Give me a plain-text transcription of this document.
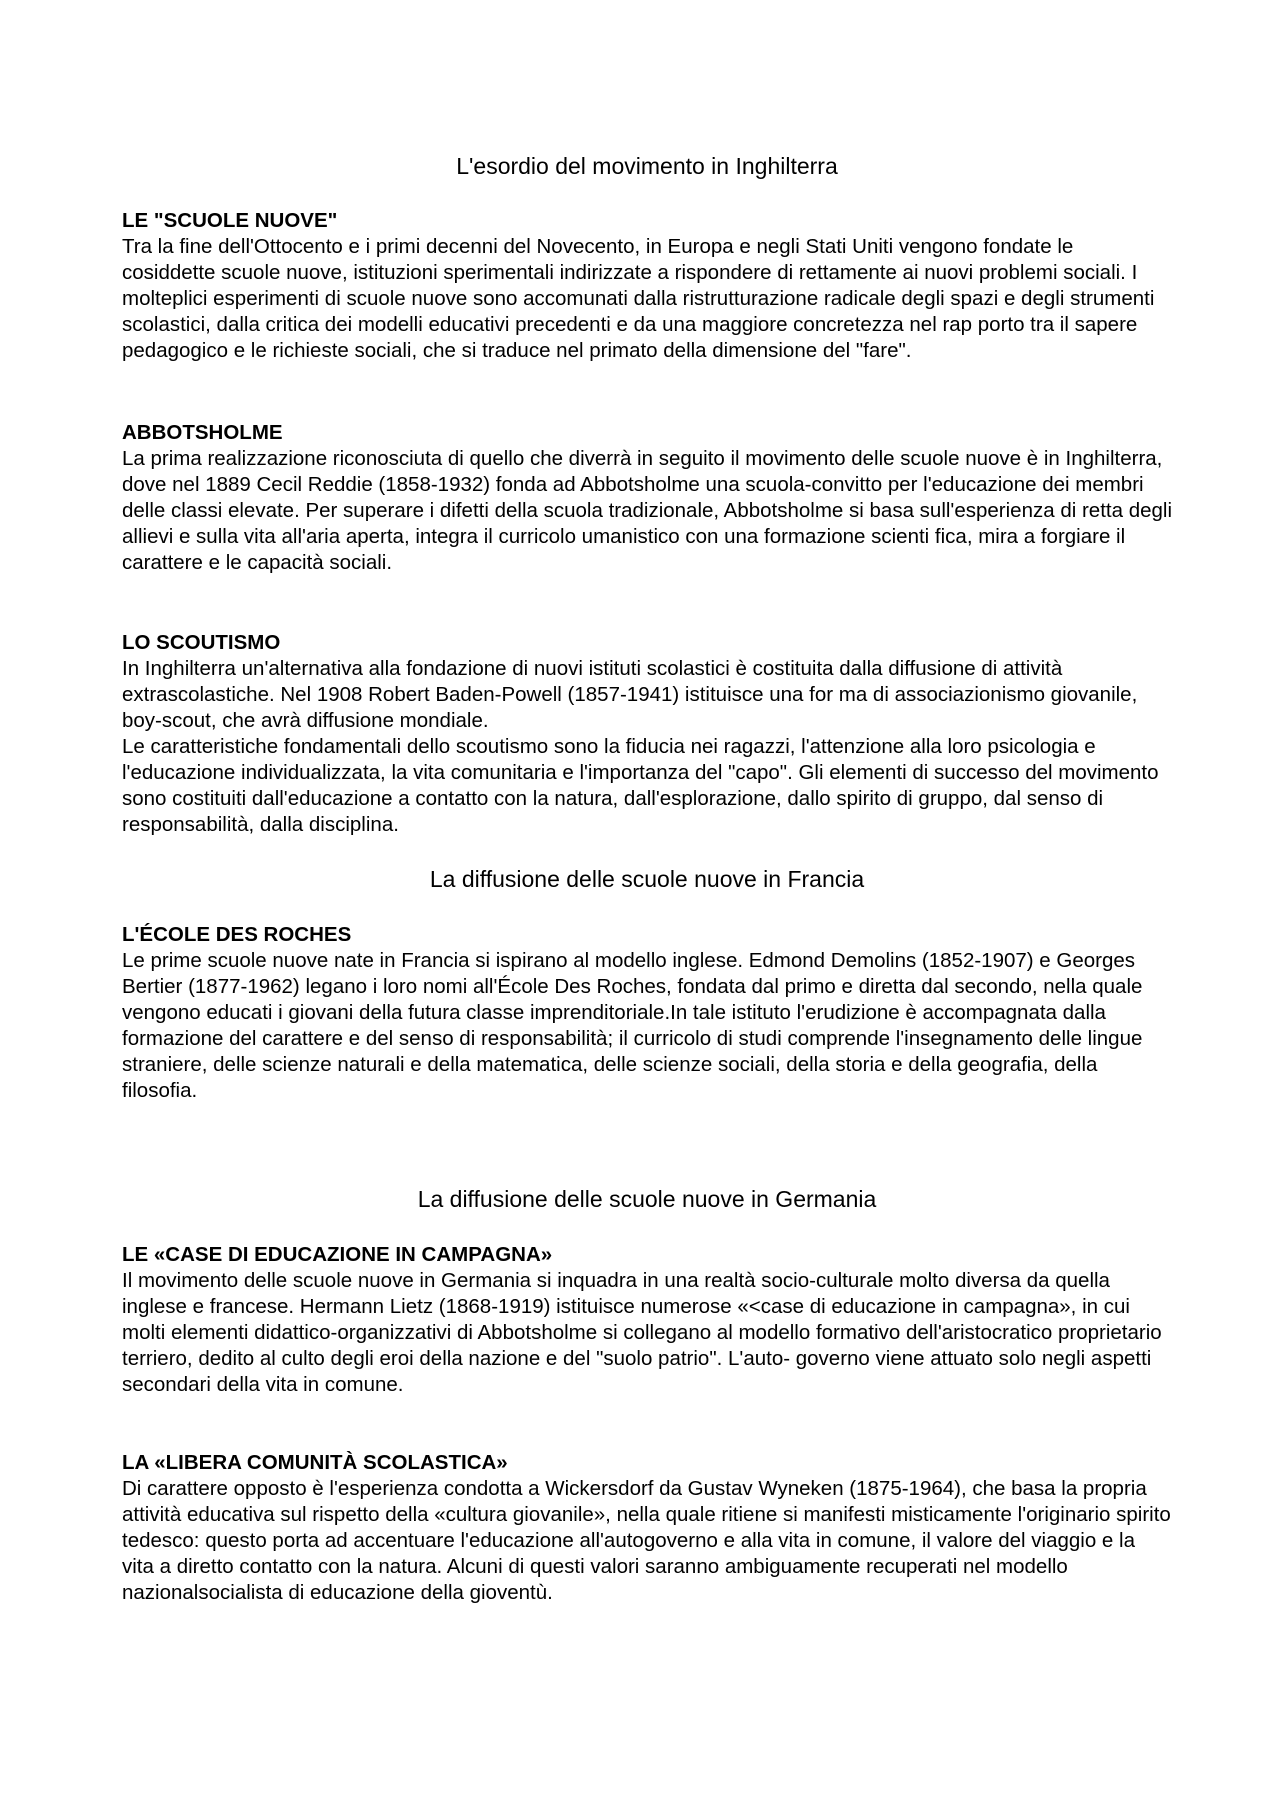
L'esordio del movimento in Inghilterra
LE "SCUOLE NUOVE"

Tra la fine dell'Ottocento e i primi decenni del Novecento, in Europa e negli Stati Uniti vengono fondate le cosiddette scuole nuove, istituzioni sperimentali indirizzate a rispondere di rettamente ai nuovi problemi sociali. I molteplici esperimenti di scuole nuove sono accomunati dalla ristrutturazione radicale degli spazi e degli strumenti scolastici, dalla critica dei modelli educativi precedenti e da una maggiore concretezza nel rap porto tra il sapere pedagogico e le richieste sociali, che si traduce nel primato della dimensione del "fare".

ABBOTSHOLME

La prima realizzazione riconosciuta di quello che diverrà in seguito il movimento delle scuole nuove è in Inghilterra, dove nel 1889 Cecil Reddie (1858-1932) fonda ad Abbotsholme una scuola-convitto per l'educazione dei membri delle classi elevate. Per superare i difetti della scuola tradizionale, Abbotsholme si basa sull'esperienza di retta degli allievi e sulla vita all'aria aperta, integra il curricolo umanistico con una formazione scienti fica, mira a forgiare il carattere e le capacità sociali.

LO SCOUTISMO

In Inghilterra un'alternativa alla fondazione di nuovi istituti scolastici è costituita dalla diffusione di attività extrascolastiche. Nel 1908 Robert Baden-Powell (1857-1941) istituisce una for ma di associazionismo giovanile, boy-scout, che avrà diffusione mondiale.

Le caratteristiche fondamentali dello scoutismo sono la fiducia nei ragazzi, l'attenzione alla loro psicologia e l'educazione individualizzata, la vita comunitaria e l'importanza del "capo". Gli elementi di successo del movimento sono costituiti dall'educazione a contatto con la natura, dall'esplorazione, dallo spirito di gruppo, dal senso di responsabilità, dalla disciplina.

La diffusione delle scuole nuove in Francia
L'ÉCOLE DES ROCHES

Le prime scuole nuove nate in Francia si ispirano al modello inglese. Edmond Demolins (1852-1907) e Georges Bertier (1877-1962) legano i loro nomi all'École Des Roches, fondata dal primo e diretta dal secondo, nella quale vengono educati i giovani della futura classe imprenditoriale.In tale istituto l'erudizione è accompagnata dalla formazione del carattere e del senso di responsabilità; il curricolo di studi comprende l'insegnamento delle lingue straniere, delle scienze naturali e della matematica, delle scienze sociali, della storia e della geografia, della filosofia.

La diffusione delle scuole nuove in Germania
LE «CASE DI EDUCAZIONE IN CAMPAGNA»

Il movimento delle scuole nuove in Germania si inquadra in una realtà socio-culturale molto diversa da quella inglese e francese. Hermann Lietz (1868-1919) istituisce numerose «<case di educazione in campagna», in cui molti elementi didattico-organizzativi di Abbotsholme si collegano al modello formativo dell'aristocratico proprietario terriero, dedito al culto degli eroi della nazione e del "suolo patrio". L'auto- governo viene attuato solo negli aspetti secondari della vita in comune.

LA «LIBERA COMUNITÀ SCOLASTICA»

Di carattere opposto è l'esperienza condotta a Wickersdorf da Gustav Wyneken (1875-1964), che basa la propria attività educativa sul rispetto della «cultura giovanile», nella quale ritiene si manifesti misticamente l'originario spirito tedesco: questo porta ad accentuare l'educazione all'autogoverno e alla vita in comune, il valore del viaggio e la vita a diretto contatto con la natura. Alcuni di questi valori saranno ambiguamente recuperati nel modello nazionalsocialista di educazione della gioventù.
